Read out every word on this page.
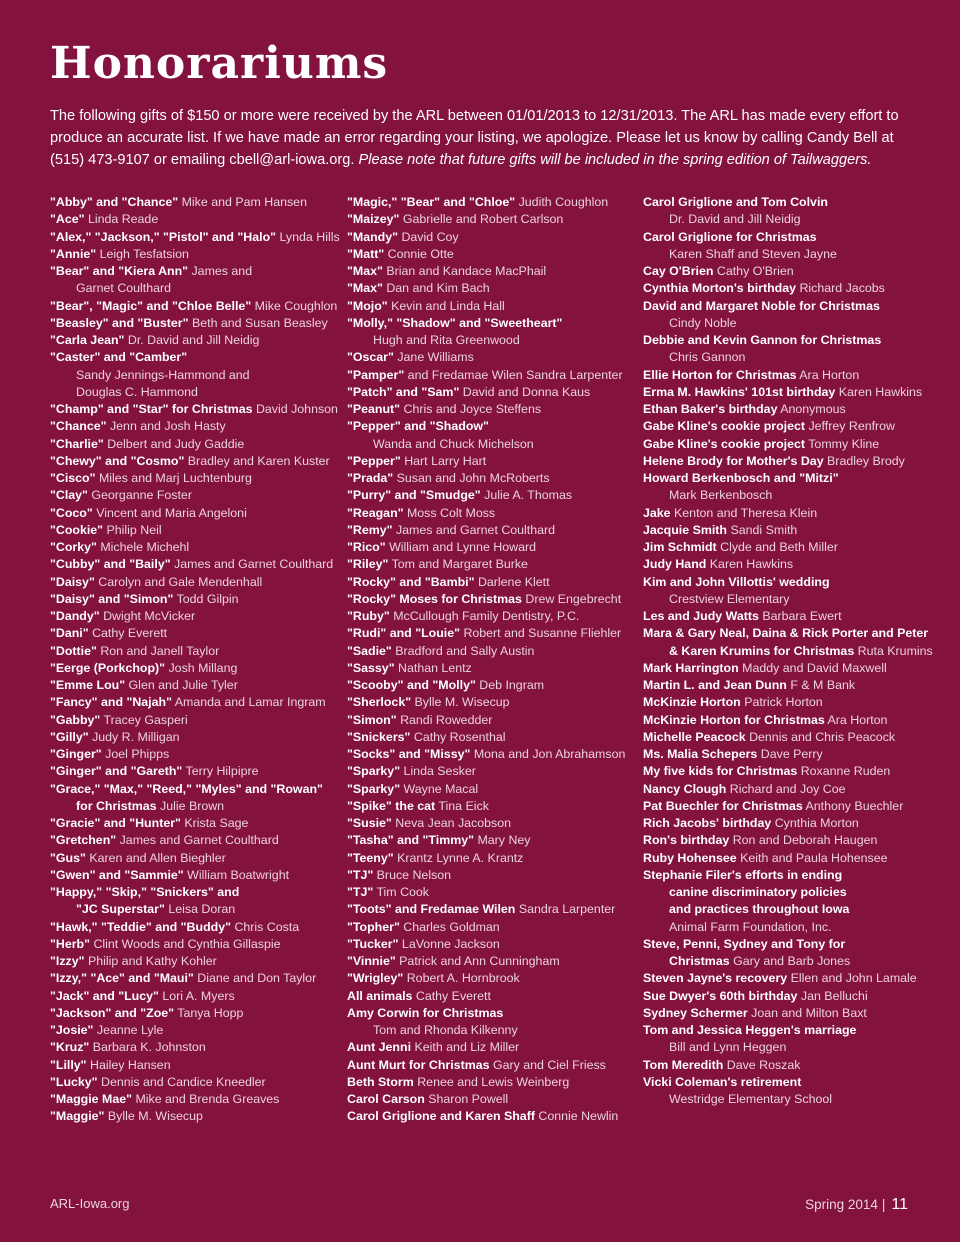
Honorariums
The following gifts of $150 or more were received by the ARL between 01/01/2013 to 12/31/2013. The ARL has made every effort to produce an accurate list. If we have made an error regarding your listing, we apologize. Please let us know by calling Candy Bell at (515) 473-9107 or emailing cbell@arl-iowa.org. Please note that future gifts will be included in the spring edition of Tailwaggers.
"Abby" and "Chance" Mike and Pam Hansen
"Ace" Linda Reade
"Alex," "Jackson," "Pistol" and "Halo" Lynda Hills
"Annie" Leigh Tesfatsion
"Bear" and "Kiera Ann" James and
Garnet Coulthard
"Bear", "Magic" and "Chloe Belle" Mike Coughlon
"Beasley" and "Buster" Beth and Susan Beasley
"Carla Jean" Dr. David and Jill Neidig
"Caster" and "Camber"
Sandy Jennings-Hammond and
Douglas C. Hammond
"Champ" and "Star" for Christmas David Johnson
"Chance" Jenn and Josh Hasty
"Charlie" Delbert and Judy Gaddie
"Chewy" and "Cosmo" Bradley and Karen Kuster
"Cisco" Miles and Marj Luchtenburg
"Clay" Georganne Foster
"Coco" Vincent and Maria Angeloni
"Cookie" Philip Neil
"Corky" Michele Michehl
"Cubby" and "Baily" James and Garnet Coulthard
"Daisy" Carolyn and Gale Mendenhall
"Daisy" and "Simon" Todd Gilpin
"Dandy" Dwight McVicker
"Dani" Cathy Everett
"Dottie" Ron and Janell Taylor
"Eerge (Porkchop)" Josh Millang
"Emme Lou" Glen and Julie Tyler
"Fancy" and "Najah" Amanda and Lamar Ingram
"Gabby" Tracey Gasperi
"Gilly" Judy R. Milligan
"Ginger" Joel Phipps
"Ginger" and "Gareth" Terry Hilpipre
"Grace," "Max," "Reed," "Myles" and "Rowan"
for Christmas Julie Brown
"Gracie" and "Hunter" Krista Sage
"Gretchen" James and Garnet Coulthard
"Gus" Karen and Allen Bieghler
"Gwen" and "Sammie" William Boatwright
"Happy," "Skip," "Snickers" and
"JC Superstar" Leisa Doran
"Hawk," "Teddie" and "Buddy" Chris Costa
"Herb" Clint Woods and Cynthia Gillaspie
"Izzy" Philip and Kathy Kohler
"Izzy," "Ace" and "Maui" Diane and Don Taylor
"Jack" and "Lucy" Lori A. Myers
"Jackson" and "Zoe" Tanya Hopp
"Josie" Jeanne Lyle
"Kruz" Barbara K. Johnston
"Lilly" Hailey Hansen
"Lucky" Dennis and Candice Kneedler
"Maggie Mae" Mike and Brenda Greaves
"Maggie" Bylle M. Wisecup
"Magic," "Bear" and "Chloe" Judith Coughlon
"Maizey" Gabrielle and Robert Carlson
"Mandy" David Coy
"Matt" Connie Otte
"Max" Brian and Kandace MacPhail
"Max" Dan and Kim Bach
"Mojo" Kevin and Linda Hall
"Molly," "Shadow" and "Sweetheart"
Hugh and Rita Greenwood
"Oscar" Jane Williams
"Pamper" and Fredamae Wilen Sandra Larpenter
"Patch" and "Sam" David and Donna Kaus
"Peanut" Chris and Joyce Steffens
"Pepper" and "Shadow"
Wanda and Chuck Michelson
"Pepper" Hart Larry Hart
"Prada" Susan and John McRoberts
"Purry" and "Smudge" Julie A. Thomas
"Reagan" Moss Colt Moss
"Remy" James and Garnet Coulthard
"Rico" William and Lynne Howard
"Riley" Tom and Margaret Burke
"Rocky" and "Bambi" Darlene Klett
"Rocky" Moses for Christmas Drew Engebrecht
"Ruby" McCullough Family Dentistry, P.C.
"Rudi" and "Louie" Robert and Susanne Fliehler
"Sadie" Bradford and Sally Austin
"Sassy" Nathan Lentz
"Scooby" and "Molly" Deb Ingram
"Sherlock" Bylle M. Wisecup
"Simon" Randi Rowedder
"Snickers" Cathy Rosenthal
"Socks" and "Missy" Mona and Jon Abrahamson
"Sparky" Linda Sesker
"Sparky" Wayne Macal
"Spike" the cat Tina Eick
"Susie" Neva Jean Jacobson
"Tasha" and "Timmy" Mary Ney
"Teeny" Krantz Lynne A. Krantz
"TJ" Bruce Nelson
"TJ" Tim Cook
"Toots" and Fredamae Wilen Sandra Larpenter
"Topher" Charles Goldman
"Tucker" LaVonne Jackson
"Vinnie" Patrick and Ann Cunningham
"Wrigley" Robert A. Hornbrook
All animals Cathy Everett
Amy Corwin for Christmas
Tom and Rhonda Kilkenny
Aunt Jenni Keith and Liz Miller
Aunt Murt for Christmas Gary and Ciel Friess
Beth Storm Renee and Lewis Weinberg
Carol Carson Sharon Powell
Carol Griglione and Karen Shaff Connie Newlin
Carol Griglione and Tom Colvin
Dr. David and Jill Neidig
Carol Griglione for Christmas
Karen Shaff and Steven Jayne
Cay O'Brien Cathy O'Brien
Cynthia Morton's birthday Richard Jacobs
David and Margaret Noble for Christmas
Cindy Noble
Debbie and Kevin Gannon for Christmas
Chris Gannon
Ellie Horton for Christmas Ara Horton
Erma M. Hawkins' 101st birthday Karen Hawkins
Ethan Baker's birthday Anonymous
Gabe Kline's cookie project Jeffrey Renfrow
Gabe Kline's cookie project Tommy Kline
Helene Brody for Mother's Day Bradley Brody
Howard Berkenbosch and "Mitzi"
Mark Berkenbosch
Jake Kenton and Theresa Klein
Jacquie Smith Sandi Smith
Jim Schmidt Clyde and Beth Miller
Judy Hand Karen Hawkins
Kim and John Villottis' wedding
Crestview Elementary
Les and Judy Watts Barbara Ewert
Mara & Gary Neal, Daina & Rick Porter and Peter
& Karen Krumins for Christmas Ruta Krumins
Mark Harrington Maddy and David Maxwell
Martin L. and Jean Dunn F & M Bank
McKinzie Horton Patrick Horton
McKinzie Horton for Christmas Ara Horton
Michelle Peacock Dennis and Chris Peacock
Ms. Malia Schepers Dave Perry
My five kids for Christmas Roxanne Ruden
Nancy Clough Richard and Joy Coe
Pat Buechler for Christmas Anthony Buechler
Rich Jacobs' birthday Cynthia Morton
Ron's birthday Ron and Deborah Haugen
Ruby Hohensee Keith and Paula Hohensee
Stephanie Filer's efforts in ending
canine discriminatory policies
and practices throughout Iowa
Animal Farm Foundation, Inc.
Steve, Penni, Sydney and Tony for
Christmas Gary and Barb Jones
Steven Jayne's recovery Ellen and John Lamale
Sue Dwyer's 60th birthday Jan Belluchi
Sydney Schermer Joan and Milton Baxt
Tom and Jessica Heggen's marriage
Bill and Lynn Heggen
Tom Meredith Dave Roszak
Vicki Coleman's retirement
Westridge Elementary School
ARL-Iowa.org	Spring 2014 | 11
